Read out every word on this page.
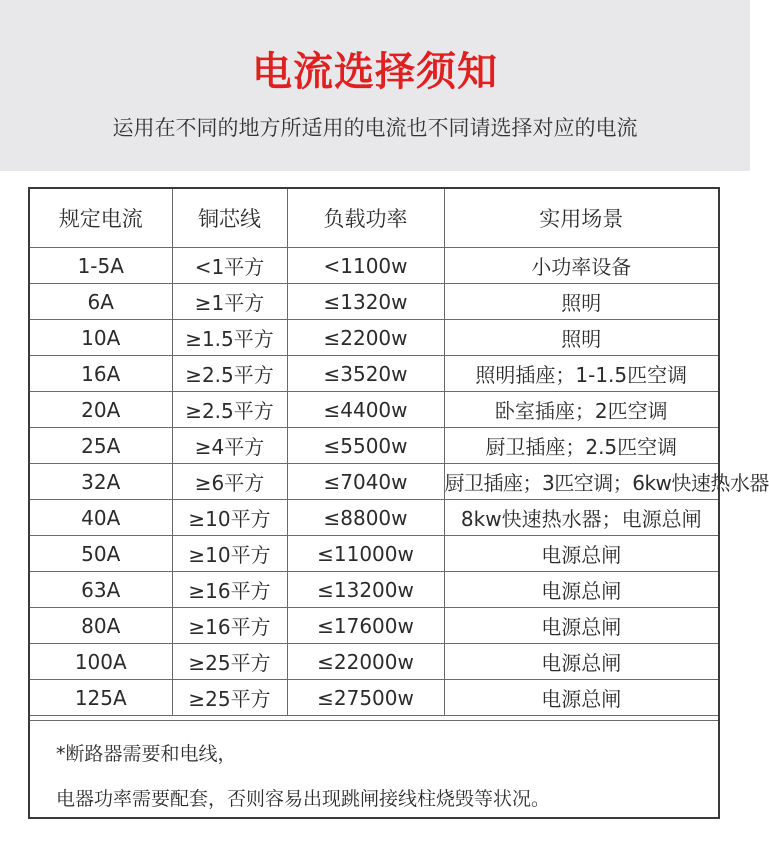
电流选择须知
运用在不同的地方所适用的电流也不同请选择对应的电流
规定电流	铜芯线	负载功率	实用场景
1-5A	<1平方	<1100w	小功率设备
6A	≥1平方	≤1320w	照明
10A	≥1.5平方	≤2200w	照明
16A	≥2.5平方	≤3520w	照明插座；1-1.5匹空调
20A	≥2.5平方	≤4400w	卧室插座；2匹空调
25A	≥4平方	≤5500w	厨卫插座；2.5匹空调
32A	≥6平方	≤7040w	厨卫插座；3匹空调；6kw快速热水器
40A	≥10平方	≤8800w	8kw快速热水器；电源总闸
50A	≥10平方	≤11000w	电源总闸
63A	≥16平方	≤13200w	电源总闸
80A	≥16平方	≤17600w	电源总闸
100A	≥25平方	≤22000w	电源总闸
125A	≥25平方	≤27500w	电源总闸
*断路器需要和电线，
电器功率需要配套，否则容易出现跳闸接线柱烧毁等状况。
